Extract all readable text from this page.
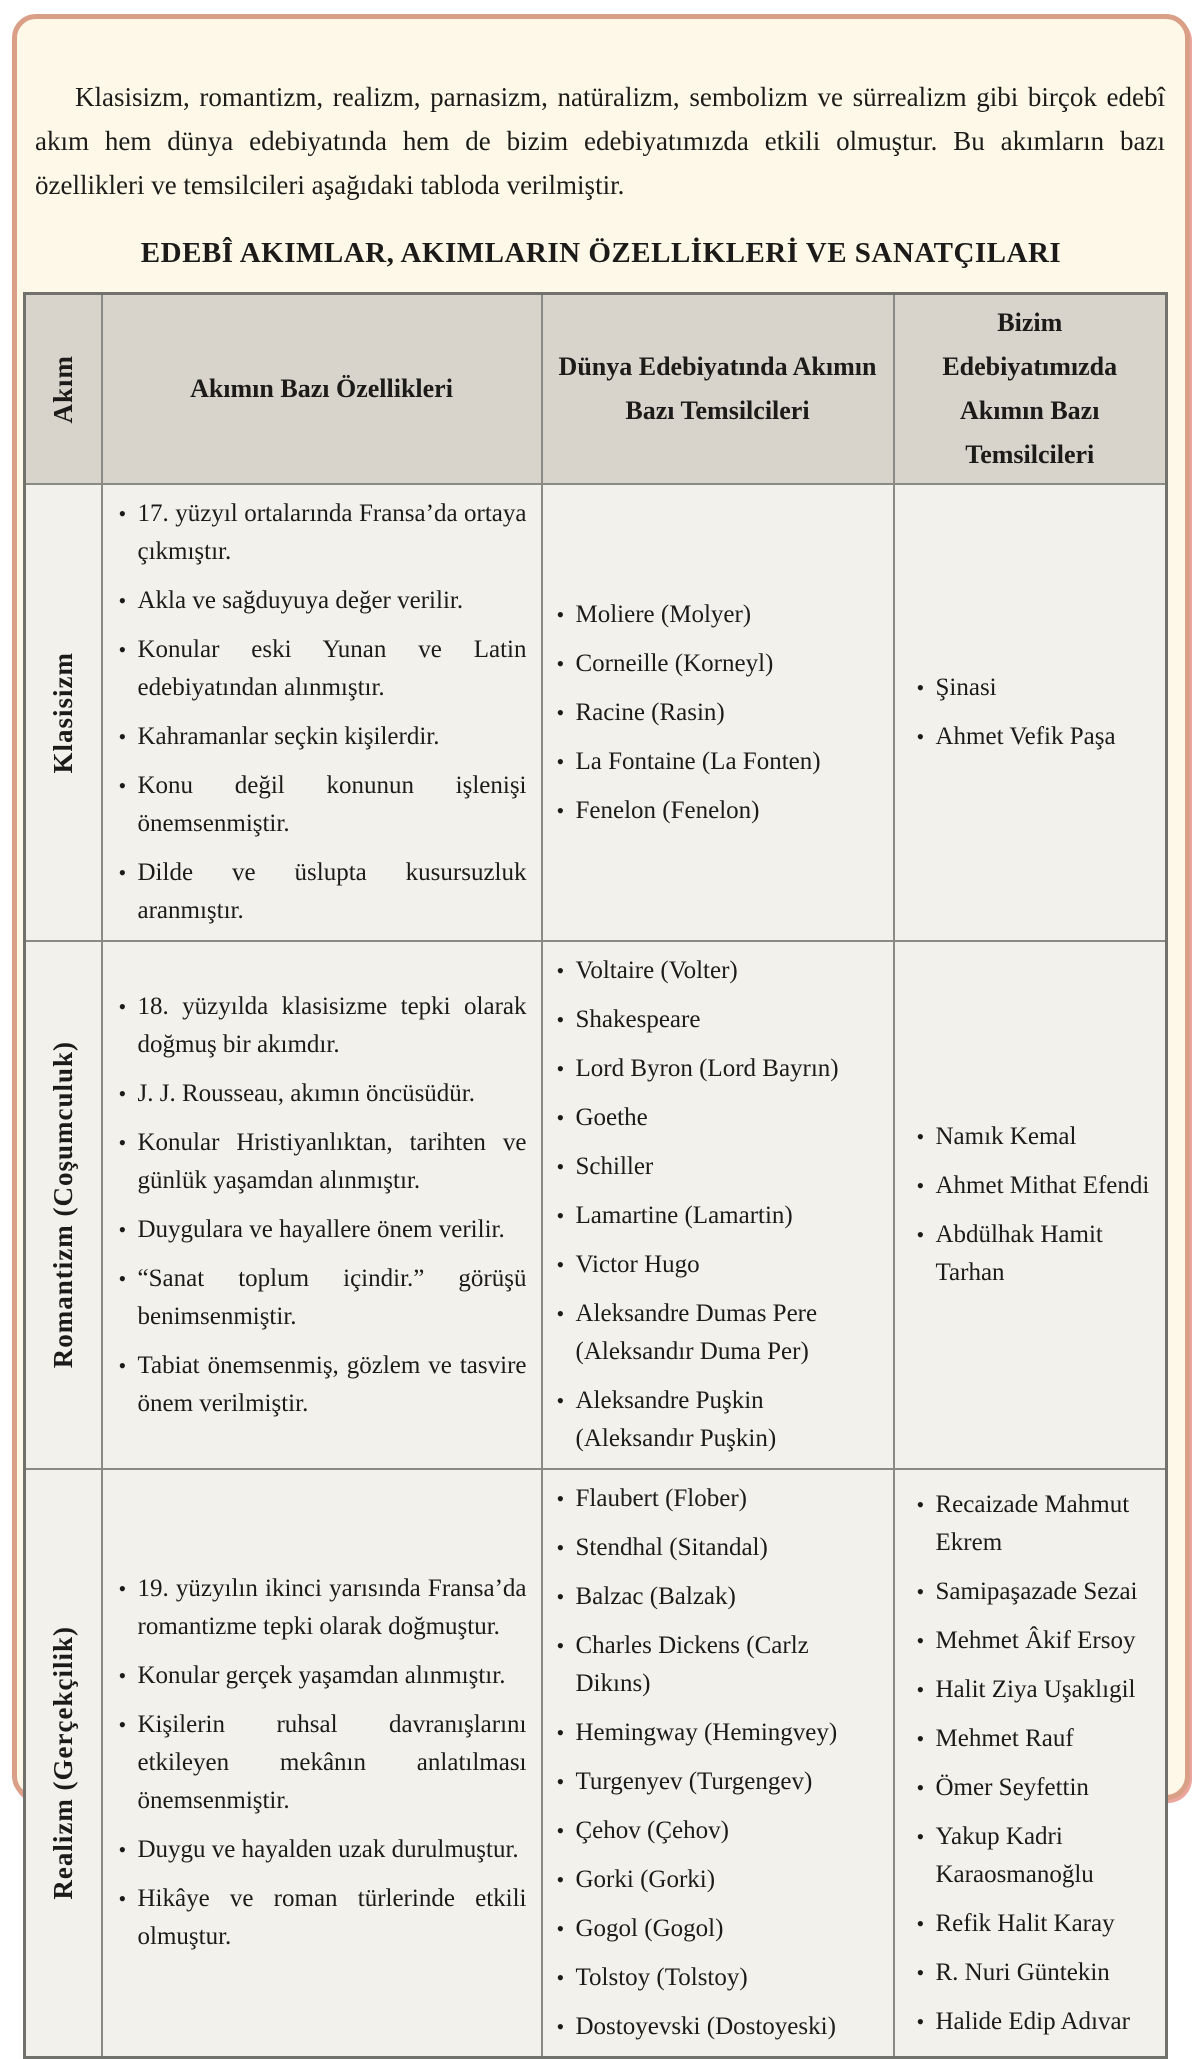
Klasisizm, romantizm, realizm, parnasizm, natüralizm, sembolizm ve sürrealizm gibi birçok edebî akım hem dünya edebiyatında hem de bizim edebiyatımızda etkili olmuştur. Bu akımların bazı özellikleri ve temsilcileri aşağıdaki tabloda verilmiştir.

EDEBÎ AKIMLAR, AKIMLARIN ÖZELLİKLERİ VE SANATÇILARI
Akım	Akımın Bazı Özellikleri	Dünya Edebiyatında Akımın Bazı Temsilcileri	Bizim Edebiyatımızda Akımın Bazı Temsilcileri

Klasisizm

• 17. yüzyıl ortalarında Fransa’da ortaya çıkmıştır.
• Akla ve sağduyuya değer verilir.
• Konular eski Yunan ve Latin edebiyatından alınmıştır.
• Kahramanlar seçkin kişilerdir.
• Konu değil konunun işlenişi önemsenmiştir.
• Dilde ve üslupta kusursuzluk aranmıştır.

• Moliere (Molyer)
• Corneille (Korneyl)
• Racine (Rasin)
• La Fontaine (La Fonten)
• Fenelon (Fenelon)

• Şinasi
• Ahmet Vefik Paşa

Romantizm (Coşumculuk)

• 18. yüzyılda klasisizme tepki olarak doğmuş bir akımdır.
• J. J. Rousseau, akımın öncüsüdür.
• Konular Hristiyanlıktan, tarihten ve günlük yaşamdan alınmıştır.
• Duygulara ve hayallere önem verilir.
• “Sanat toplum içindir.” görüşü benimsenmiştir.
• Tabiat önemsenmiş, gözlem ve tasvire önem verilmiştir.

• Voltaire (Volter)
• Shakespeare
• Lord Byron (Lord Bayrın)
• Goethe
• Schiller
• Lamartine (Lamartin)
• Victor Hugo
• Aleksandre Dumas Pere (Aleksandır Duma Per)
• Aleksandre Puşkin (Aleksandır Puşkin)

• Namık Kemal
• Ahmet Mithat Efendi
• Abdülhak Hamit Tarhan

Realizm (Gerçekçilik)

• 19. yüzyılın ikinci yarısında Fransa’da romantizme tepki olarak doğmuştur.
• Konular gerçek yaşamdan alınmıştır.
• Kişilerin ruhsal davranışlarını etkileyen mekânın anlatılması önemsenmiştir.
• Duygu ve hayalden uzak durulmuştur.
• Hikâye ve roman türlerinde etkili olmuştur.

• Flaubert (Flober)
• Stendhal (Sitandal)
• Balzac (Balzak)
• Charles Dickens (Carlz Dikıns)
• Hemingway (Hemingvey)
• Turgenyev (Turgengev)
• Çehov (Çehov)
• Gorki (Gorki)
• Gogol (Gogol)
• Tolstoy (Tolstoy)
• Dostoyevski (Dostoyeski)

• Recaizade Mahmut Ekrem
• Samipaşazade Sezai
• Mehmet Âkif Ersoy
• Halit Ziya Uşaklıgil
• Mehmet Rauf
• Ömer Seyfettin
• Yakup Kadri Karaosmanoğlu
• Refik Halit Karay
• R. Nuri Güntekin
• Halide Edip Adıvar
